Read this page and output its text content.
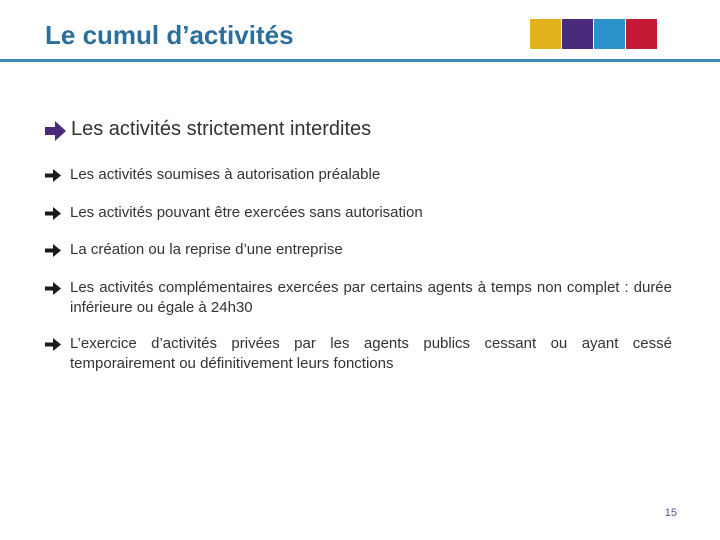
Le cumul d’activités
Les activités strictement interdites
Les activités soumises à autorisation préalable
Les activités pouvant être exercées sans autorisation
La création ou la reprise d’une entreprise
Les activités complémentaires exercées par certains agents à temps non complet : durée inférieure ou égale à 24h30
L’exercice d’activités privées par les agents publics cessant ou ayant cessé temporairement ou définitivement leurs fonctions
15
